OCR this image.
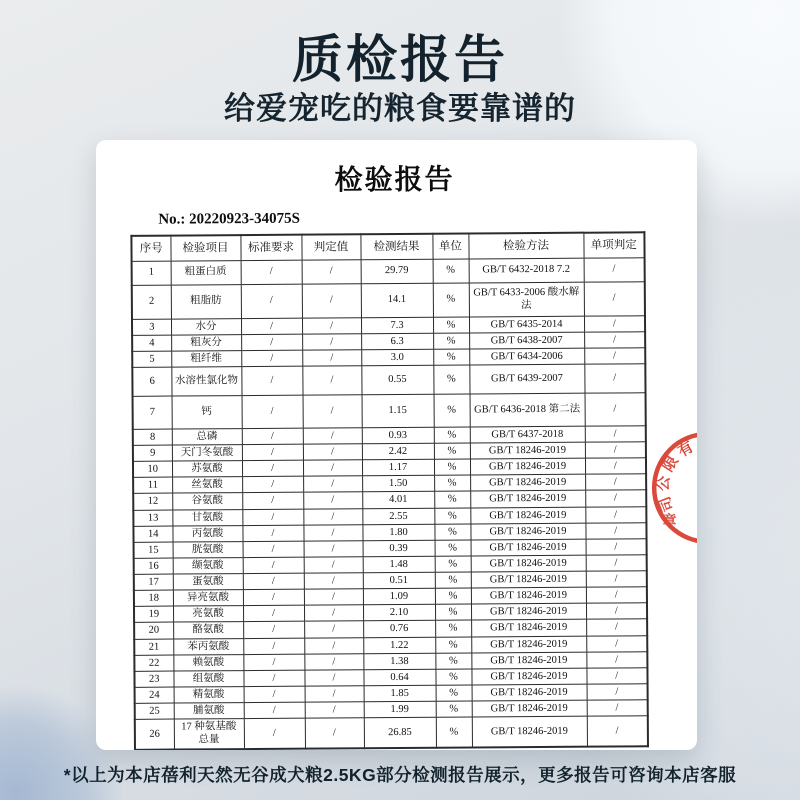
质检报告
给爱宠吃的粮食要靠谱的
检验报告
No.: 20220923-34075S
序号	检验项目	标准要求	判定值	检测结果	单位	检验方法	单项判定
1	粗蛋白质	/	/	29.79	%	GB/T 6432-2018 7.2	/
2	粗脂肪	/	/	14.1	%	GB/T 6433-2006 酸水解法	/
3	水分	/	/	7.3	%	GB/T 6435-2014	/
4	粗灰分	/	/	6.3	%	GB/T 6438-2007	/
5	粗纤维	/	/	3.0	%	GB/T 6434-2006	/
6	水溶性氯化物	/	/	0.55	%	GB/T 6439-2007	/
7	钙	/	/	1.15	%	GB/T 6436-2018 第二法	/
8	总磷	/	/	0.93	%	GB/T 6437-2018	/
9	天门冬氨酸	/	/	2.42	%	GB/T 18246-2019	/
10	苏氨酸	/	/	1.17	%	GB/T 18246-2019	/
11	丝氨酸	/	/	1.50	%	GB/T 18246-2019	/
12	谷氨酸	/	/	4.01	%	GB/T 18246-2019	/
13	甘氨酸	/	/	2.55	%	GB/T 18246-2019	/
14	丙氨酸	/	/	1.80	%	GB/T 18246-2019	/
15	胱氨酸	/	/	0.39	%	GB/T 18246-2019	/
16	缬氨酸	/	/	1.48	%	GB/T 18246-2019	/
17	蛋氨酸	/	/	0.51	%	GB/T 18246-2019	/
18	异亮氨酸	/	/	1.09	%	GB/T 18246-2019	/
19	亮氨酸	/	/	2.10	%	GB/T 18246-2019	/
20	酪氨酸	/	/	0.76	%	GB/T 18246-2019	/
21	苯丙氨酸	/	/	1.22	%	GB/T 18246-2019	/
22	赖氨酸	/	/	1.38	%	GB/T 18246-2019	/
23	组氨酸	/	/	0.64	%	GB/T 18246-2019	/
24	精氨酸	/	/	1.85	%	GB/T 18246-2019	/
25	脯氨酸	/	/	1.99	%	GB/T 18246-2019	/
26	17 种氨基酸总量	/	/	26.85	%	GB/T 18246-2019	/
有
限
公
司
章
*以上为本店蓓利天然无谷成犬粮2.5KG部分检测报告展示，更多报告可咨询本店客服
